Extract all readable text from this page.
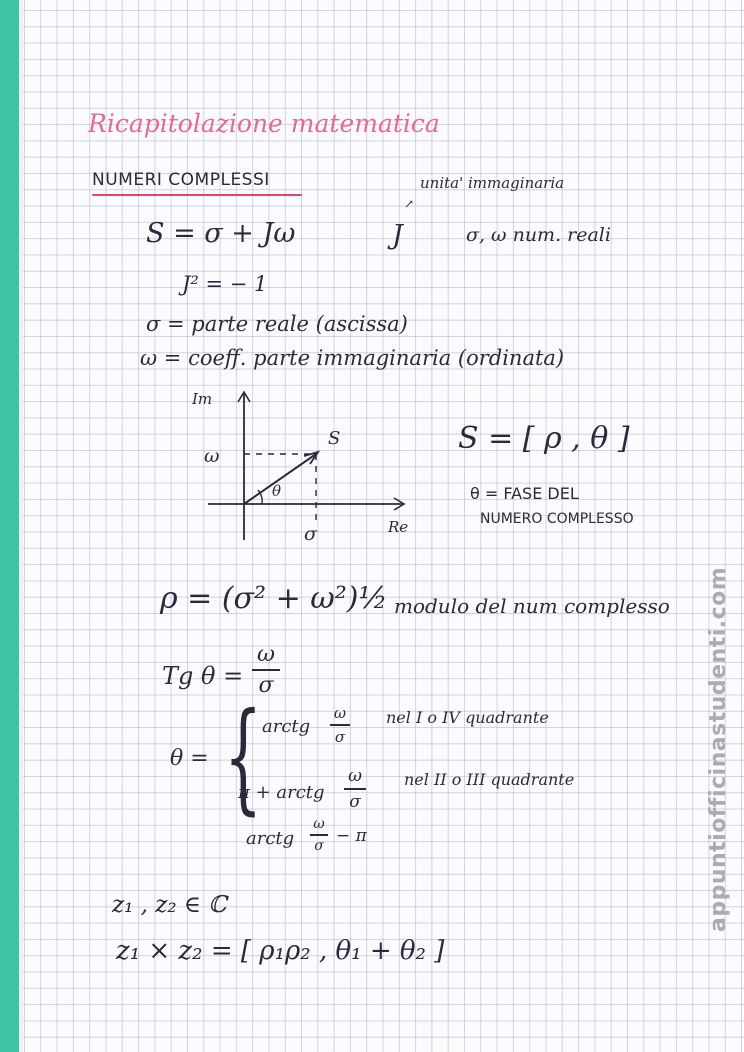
Ricapitolazione matematica
NUMERI COMPLESSI
S = σ + Jω	J
↗
unita' immaginaria
σ, ω num. reali
J² = − 1
σ = parte reale (ascissa)
ω = coeff. parte immaginaria (ordinata)
Im
Re
ω
σ
S
θ
S = [ ρ , θ ]
θ = FASE DEL
NUMERO COMPLESSO
ρ = (σ² + ω²)½ modulo del num complesso
Tg θ =
ω
σ
θ = { arctg
ω
σ
nel I o IV quadrante
π + arctg
ω
σ
nel II o III quadrante
arctg
ω
σ − π
z₁ , z₂ ∈ ℂ
z₁ × z₂ = [ ρ₁ρ₂ , θ₁ + θ₂ ]
appuntiofficinastudenti.com
